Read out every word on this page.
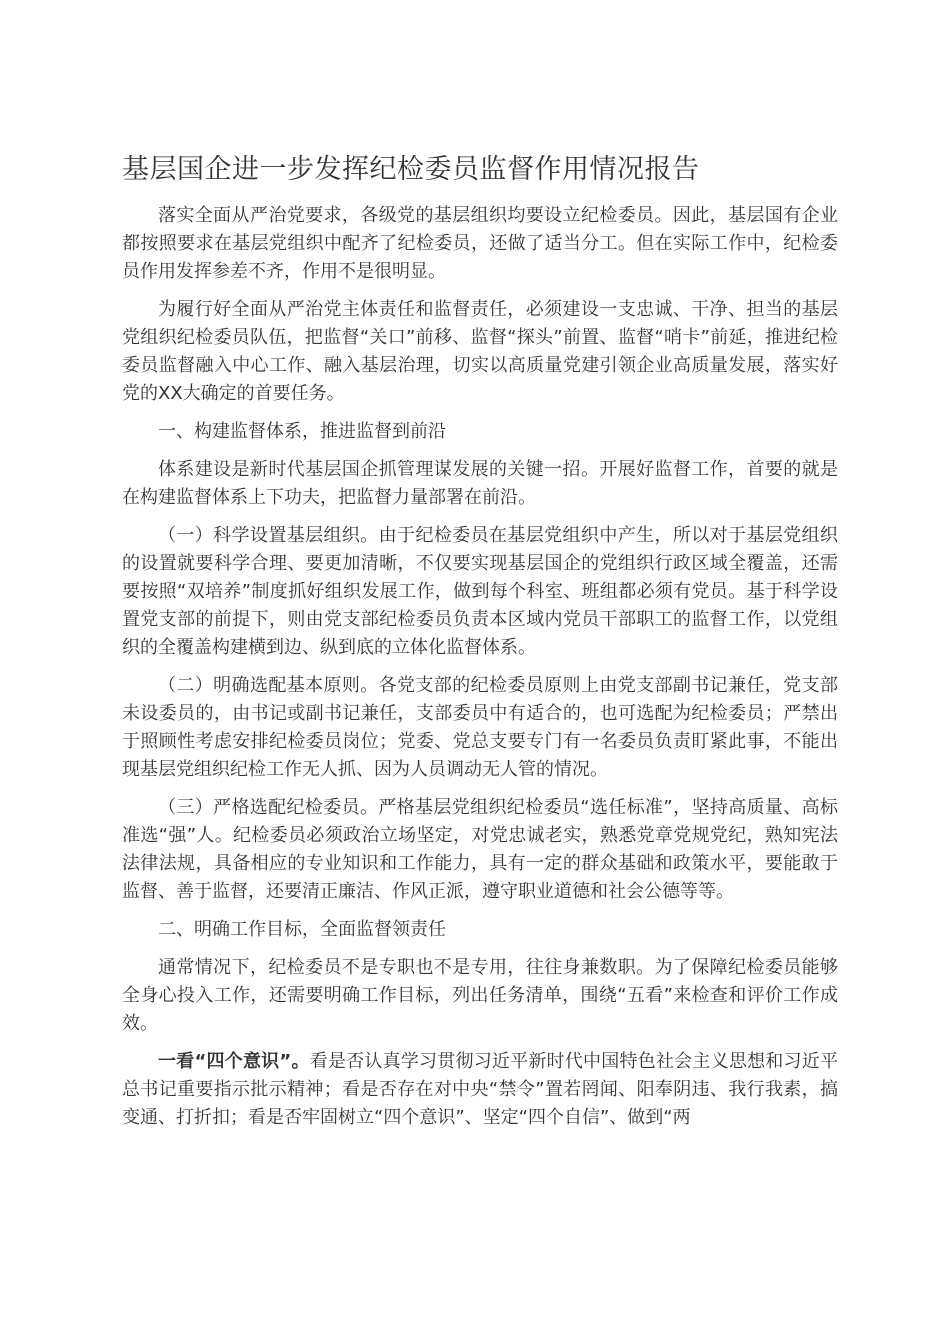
基层国企进一步发挥纪检委员监督作用情况报告

落实全面从严治党要求，各级党的基层组织均要设立纪检委员。因此，基层国有企业都按照要求在基层党组织中配齐了纪检委员，还做了适当分工。但在实际工作中，纪检委员作用发挥参差不齐，作用不是很明显。

为履行好全面从严治党主体责任和监督责任，必须建设一支忠诚、干净、担当的基层党组织纪检委员队伍，把监督“关口”前移、监督“探头”前置、监督“哨卡”前延，推进纪检委员监督融入中心工作、融入基层治理，切实以高质量党建引领企业高质量发展，落实好党的XX大确定的首要任务。

一、构建监督体系，推进监督到前沿

体系建设是新时代基层国企抓管理谋发展的关键一招。开展好监督工作，首要的就是在构建监督体系上下功夫，把监督力量部署在前沿。

（一）科学设置基层组织。由于纪检委员在基层党组织中产生，所以对于基层党组织的设置就要科学合理、要更加清晰，不仅要实现基层国企的党组织行政区域全覆盖，还需要按照“双培养”制度抓好组织发展工作，做到每个科室、班组都必须有党员。基于科学设置党支部的前提下，则由党支部纪检委员负责本区域内党员干部职工的监督工作，以党组织的全覆盖构建横到边、纵到底的立体化监督体系。

（二）明确选配基本原则。各党支部的纪检委员原则上由党支部副书记兼任，党支部未设委员的，由书记或副书记兼任，支部委员中有适合的，也可选配为纪检委员；严禁出于照顾性考虑安排纪检委员岗位；党委、党总支要专门有一名委员负责盯紧此事，不能出现基层党组织纪检工作无人抓、因为人员调动无人管的情况。

（三）严格选配纪检委员。严格基层党组织纪检委员“选任标准”，坚持高质量、高标准选“强”人。纪检委员必须政治立场坚定，对党忠诚老实，熟悉党章党规党纪，熟知宪法法律法规，具备相应的专业知识和工作能力，具有一定的群众基础和政策水平，要能敢于监督、善于监督，还要清正廉洁、作风正派，遵守职业道德和社会公德等等。

二、明确工作目标，全面监督领责任

通常情况下，纪检委员不是专职也不是专用，往往身兼数职。为了保障纪检委员能够全身心投入工作，还需要明确工作目标，列出任务清单，围绕“五看”来检查和评价工作成效。

一看“四个意识”。看是否认真学习贯彻习近平新时代中国特色社会主义思想和习近平总书记重要指示批示精神；看是否存在对中央“禁令”置若罔闻、阳奉阴违、我行我素，搞变通、打折扣；看是否牢固树立“四个意识”、坚定“四个自信”、做到“两
